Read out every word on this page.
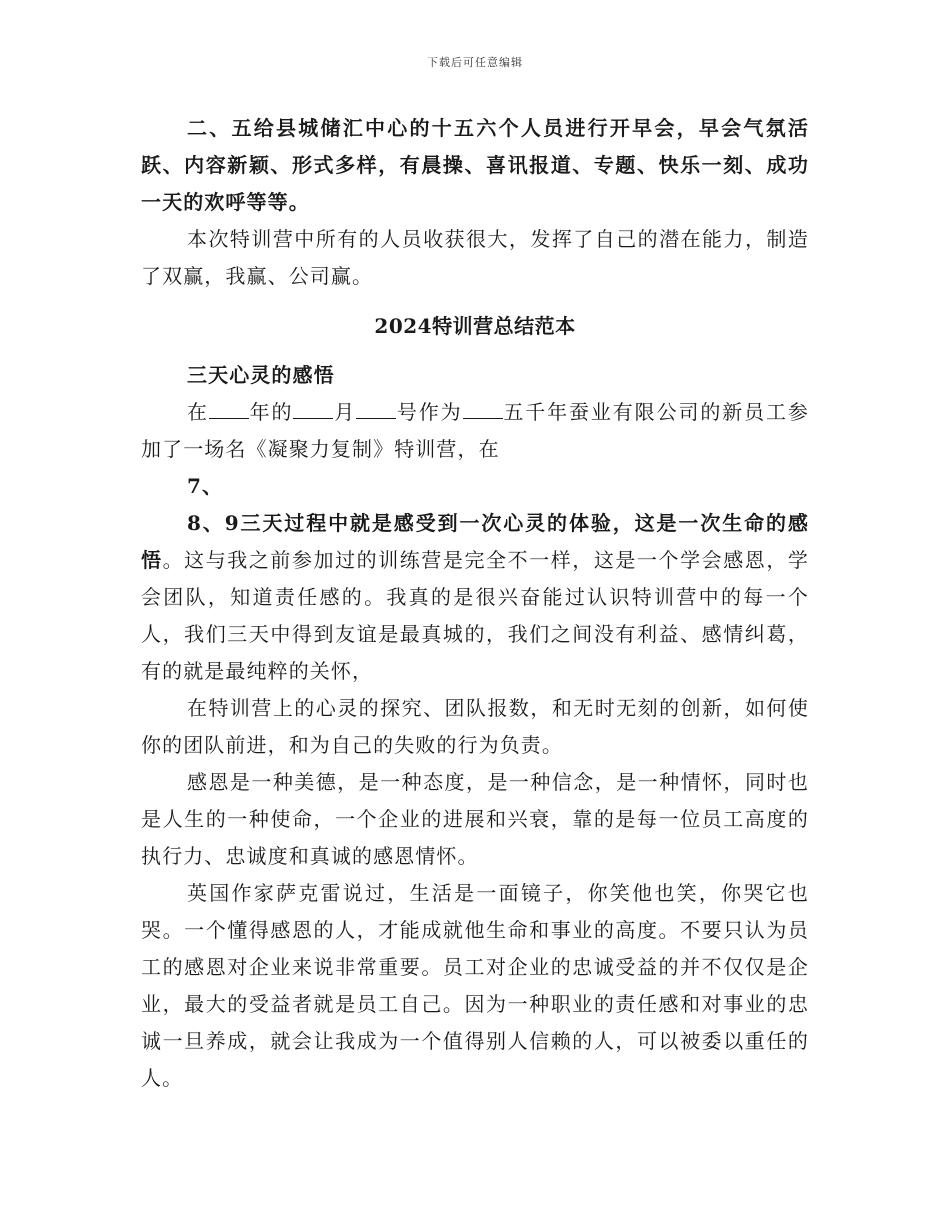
下载后可任意编辑

二、五给县城储汇中心的十五六个人员进行开早会，早会气氛活跃、内容新颖、形式多样，有晨操、喜讯报道、专题、快乐一刻、成功一天的欢呼等等。

本次特训营中所有的人员收获很大，发挥了自己的潜在能力，制造了双赢，我赢、公司赢。

2024特训营总结范本

三天心灵的感悟

在 年的 月 号作为 五千年蚕业有限公司的新员工参加了一场名《凝聚力复制》特训营，在

7、

8、9三天过程中就是感受到一次心灵的体验，这是一次生命的感悟。这与我之前参加过的训练营是完全不一样，这是一个学会感恩，学会团队，知道责任感的。我真的是很兴奋能过认识特训营中的每一个人，我们三天中得到友谊是最真城的，我们之间没有利益、感情纠葛，有的就是最纯粹的关怀，

在特训营上的心灵的探究、团队报数，和无时无刻的创新，如何使你的团队前进，和为自己的失败的行为负责。

感恩是一种美德，是一种态度，是一种信念，是一种情怀，同时也是人生的一种使命，一个企业的进展和兴衰，靠的是每一位员工高度的执行力、忠诚度和真诚的感恩情怀。

英国作家萨克雷说过，生活是一面镜子，你笑他也笑，你哭它也哭。一个懂得感恩的人，才能成就他生命和事业的高度。不要只认为员工的感恩对企业来说非常重要。员工对企业的忠诚受益的并不仅仅是企业，最大的受益者就是员工自己。因为一种职业的责任感和对事业的忠诚一旦养成，就会让我成为一个值得别人信赖的人，可以被委以重任的人。
